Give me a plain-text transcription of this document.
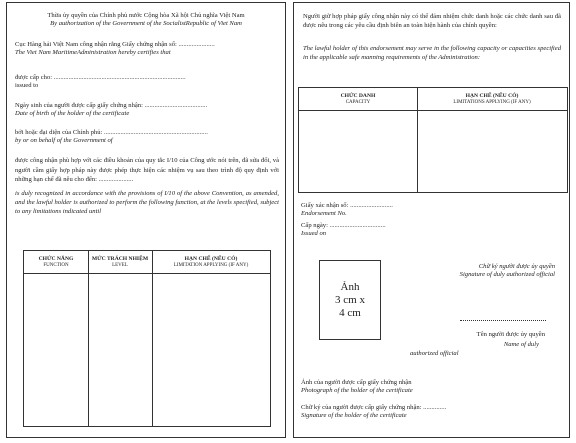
Thừa ủy quyền của Chính phủ nước Cộng hòa Xã hội Chủ nghĩa Việt Nam
By authorization of the Government of the SocialistRepublic of Viet Nam
Cục Hàng hải Việt Nam công nhận rằng Giấy chứng nhận số: ......................
The Viet Nam MaritimeAdministration hereby certifies that
được cấp cho: ................................................................................
issued to
Ngày sinh của người được cấp giấy chứng nhận: ......................................
Date of birth of the holder of the certificate
bởi hoặc đại diện của Chính phủ: ...............................................................
by or on behalf of the Government of
được công nhận phù hợp với các điều khoản của quy tắc I/10 của Công ước nói trên, đã sửa đổi, và người cầm giấy hợp pháp này được phép thực hiện các nhiệm vụ sau theo trình độ quy định với những hạn chế đã nêu cho đến: .....................
is duly recognized in accordance with the provisions of I/10 of the above Convention, as amended, and the lawful holder is authorized to perform the following function, at the levels specified, subject to any limitations indicated until
CHỨC NĂNG
FUNCTION
MỨC TRÁCH NHIỆM
LEVEL
HẠN CHẾ (NẾU CÓ)
LIMITATION APPLYING (IF ANY)
Người giữ hợp pháp giấy công nhận này có thể đảm nhiệm chức danh hoặc các chức danh sau đã được nêu trong các yêu cầu định biên an toàn hiện hành của chính quyền:
The lawful holder of this endorsement may serve in the following capacity or capacities specified in the applicable safe manning requirements of the Administration:
CHỨC DANH
CAPACITY
HẠN CHẾ (NẾU CÓ)
LIMITATIONS APPLYING (IF ANY)
Giấy xác nhận số: ..........................
Endorsement No.
Cấp ngày: ..................................
Issued on
Chữ ký người được ủy quyền
Signature of duly authorized official
Ảnh
3 cm x
4 cm
Tên người được ủy quyền
Name of duly
authorized official
Ảnh của người được cấp giấy chứng nhận
Photograph of the holder of the certificate
Chữ ký của người được cấp giấy chứng nhận: ..............
Signature of the holder of the certificate
